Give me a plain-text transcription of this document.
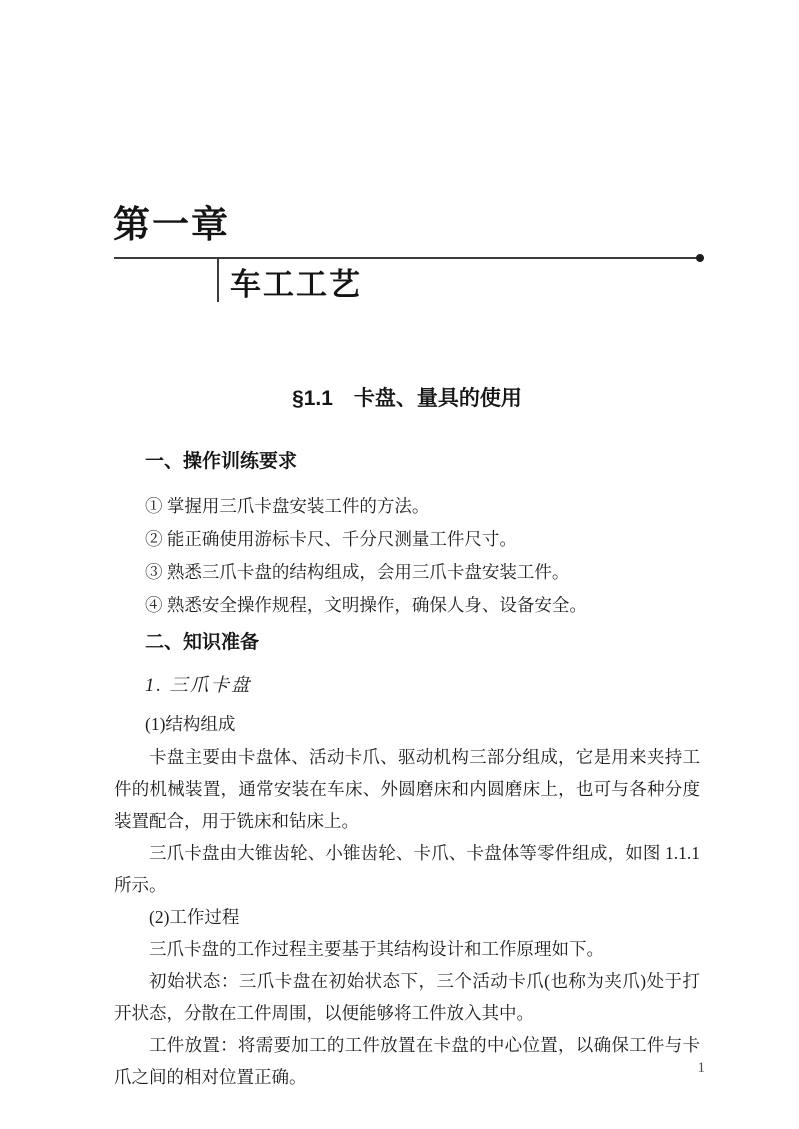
第一章
车工工艺
§1.1　卡盘、量具的使用
一、操作训练要求
① 掌握用三爪卡盘安装工件的方法。
② 能正确使用游标卡尺、千分尺测量工件尺寸。
③ 熟悉三爪卡盘的结构组成，会用三爪卡盘安装工件。
④ 熟悉安全操作规程，文明操作，确保人身、设备安全。
二、知识准备
1. 三爪卡盘
(1)结构组成

卡盘主要由卡盘体、活动卡爪、驱动机构三部分组成，它是用来夹持工件的机械装置，通常安装在车床、外圆磨床和内圆磨床上，也可与各种分度装置配合，用于铣床和钻床上。

三爪卡盘由大锥齿轮、小锥齿轮、卡爪、卡盘体等零件组成，如图 1.1.1 所示。

(2)工作过程

三爪卡盘的工作过程主要基于其结构设计和工作原理如下。

初始状态：三爪卡盘在初始状态下，三个活动卡爪(也称为夹爪)处于打开状态，分散在工件周围，以便能够将工件放入其中。

工件放置：将需要加工的工件放置在卡盘的中心位置，以确保工件与卡爪之间的相对位置正确。	1
